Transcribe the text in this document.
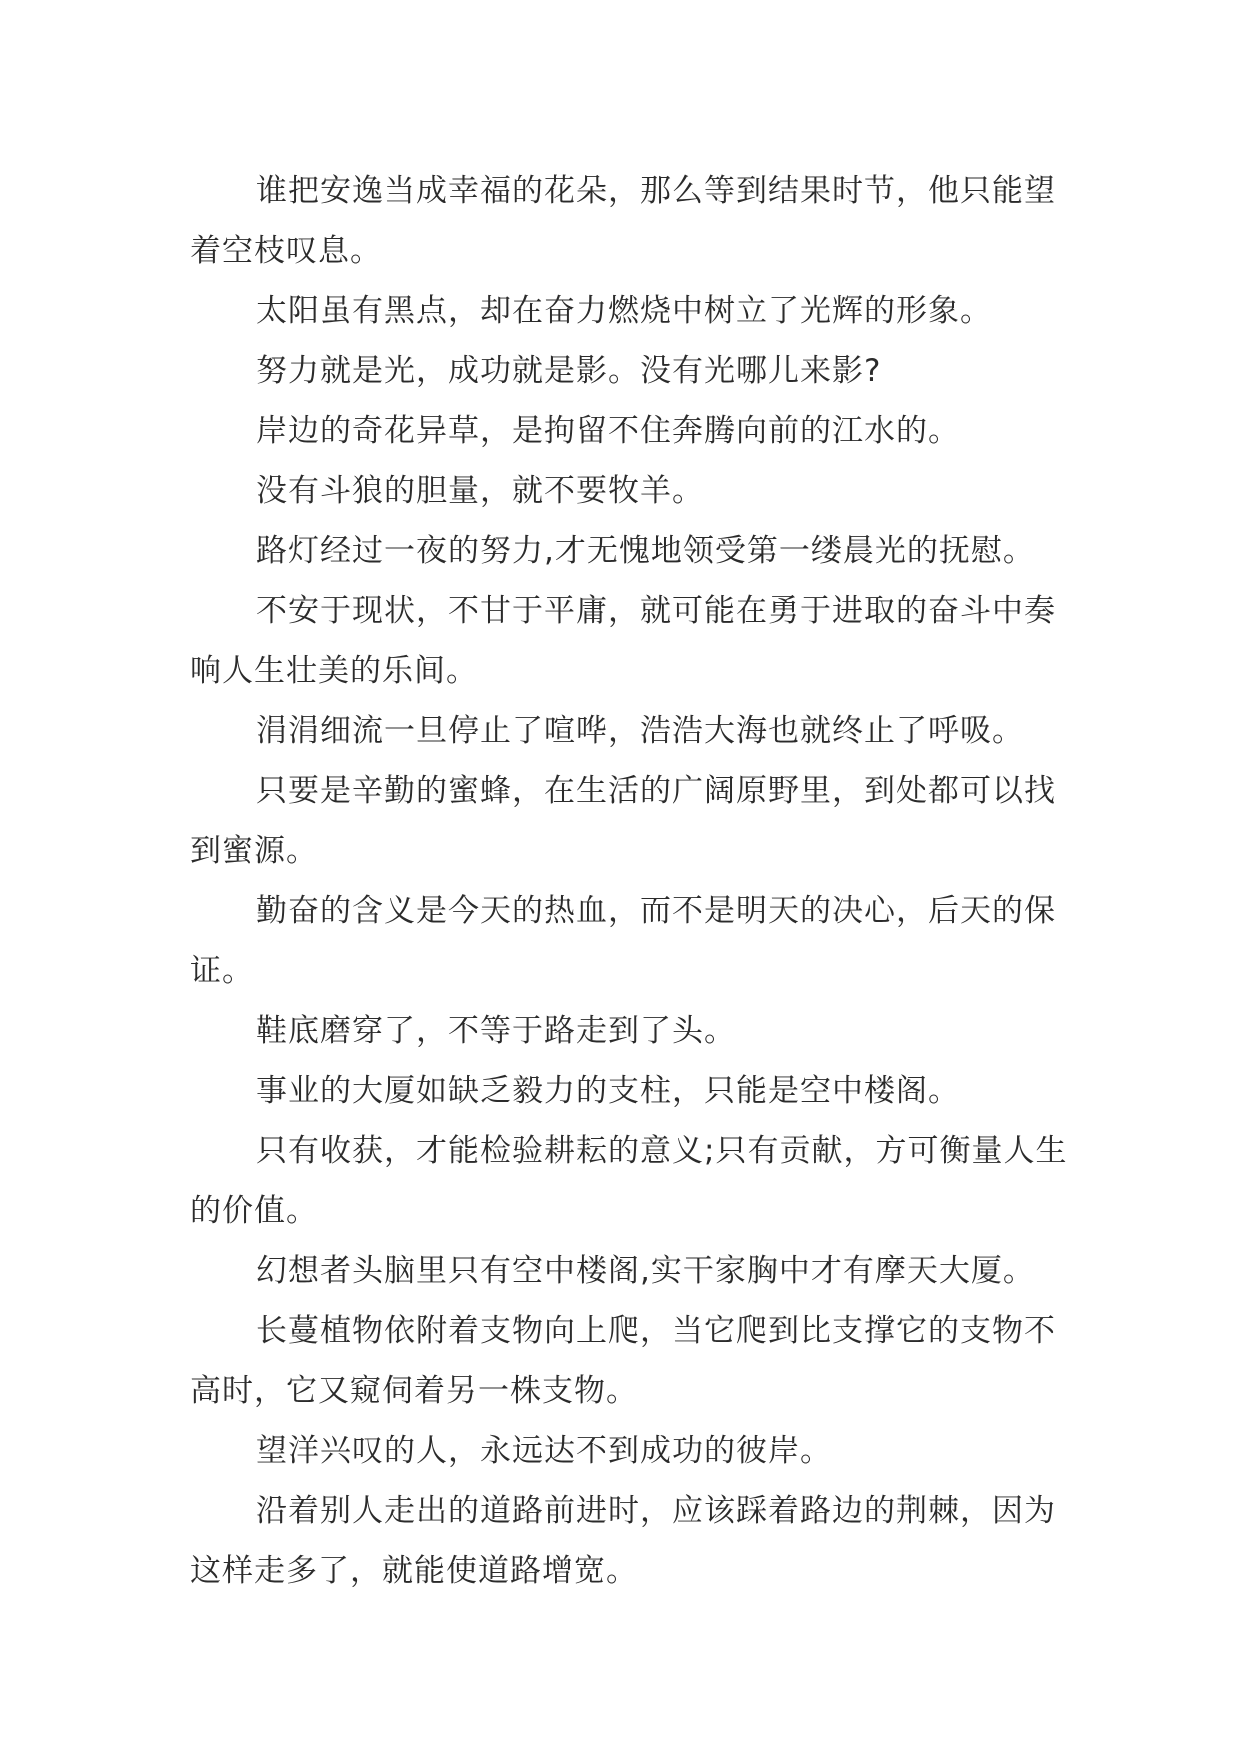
谁把安逸当成幸福的花朵，那么等到结果时节，他只能望着空枝叹息。

太阳虽有黑点，却在奋力燃烧中树立了光辉的形象。

努力就是光，成功就是影。没有光哪儿来影?

岸边的奇花异草，是拘留不住奔腾向前的江水的。

没有斗狼的胆量，就不要牧羊。

路灯经过一夜的努力,才无愧地领受第一缕晨光的抚慰。

不安于现状，不甘于平庸，就可能在勇于进取的奋斗中奏响人生壮美的乐间。

涓涓细流一旦停止了喧哗，浩浩大海也就终止了呼吸。

只要是辛勤的蜜蜂，在生活的广阔原野里，到处都可以找到蜜源。

勤奋的含义是今天的热血，而不是明天的决心，后天的保证。

鞋底磨穿了，不等于路走到了头。

事业的大厦如缺乏毅力的支柱，只能是空中楼阁。

只有收获，才能检验耕耘的意义;只有贡献，方可衡量人生的价值。

幻想者头脑里只有空中楼阁,实干家胸中才有摩天大厦。

长蔓植物依附着支物向上爬，当它爬到比支撑它的支物不高时，它又窥伺着另一株支物。

望洋兴叹的人，永远达不到成功的彼岸。

沿着别人走出的道路前进时，应该踩着路边的荆棘，因为这样走多了，就能使道路增宽。
